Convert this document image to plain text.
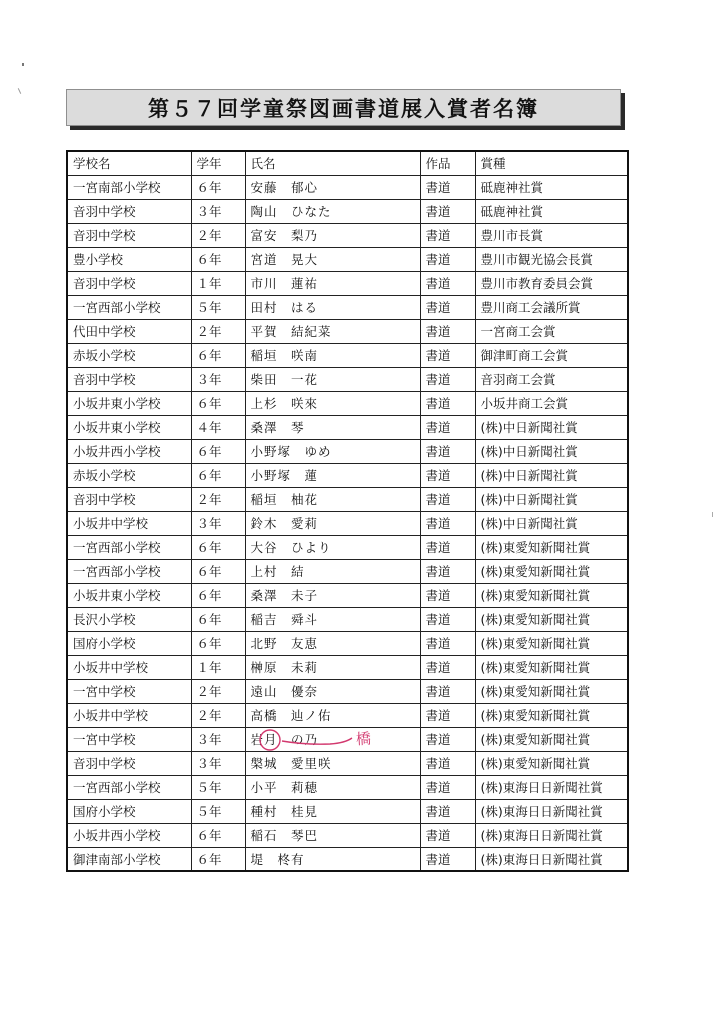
第５７回学童祭図画書道展入賞者名簿
学校名	学年	氏名	作品	賞種
一宮南部小学校	６年	安藤　郁心	書道	砥鹿神社賞
音羽中学校	３年	陶山　ひなた	書道	砥鹿神社賞
音羽中学校	２年	富安　梨乃	書道	豊川市長賞
豊小学校	６年	宮道　晃大	書道	豊川市観光協会長賞
音羽中学校	１年	市川　蓮祐	書道	豊川市教育委員会賞
一宮西部小学校	５年	田村　はる	書道	豊川商工会議所賞
代田中学校	２年	平賀　結紀菜	書道	一宮商工会賞
赤坂小学校	６年	稲垣　咲南	書道	御津町商工会賞
音羽中学校	３年	柴田　一花	書道	音羽商工会賞
小坂井東小学校	６年	上杉　咲來	書道	小坂井商工会賞
小坂井東小学校	４年	桑澤　琴	書道	(株)中日新聞社賞
小坂井西小学校	６年	小野塚　ゆめ	書道	(株)中日新聞社賞
赤坂小学校	６年	小野塚　蓮	書道	(株)中日新聞社賞
音羽中学校	２年	稲垣　柚花	書道	(株)中日新聞社賞
小坂井中学校	３年	鈴木　愛莉	書道	(株)中日新聞社賞
一宮西部小学校	６年	大谷　ひより	書道	(株)東愛知新聞社賞
一宮西部小学校	６年	上村　結	書道	(株)東愛知新聞社賞
小坂井東小学校	６年	桑澤　未子	書道	(株)東愛知新聞社賞
長沢小学校	６年	稲吉　舜斗	書道	(株)東愛知新聞社賞
国府小学校	６年	北野　友恵	書道	(株)東愛知新聞社賞
小坂井中学校	１年	榊原　未莉	書道	(株)東愛知新聞社賞
一宮中学校	２年	遠山　優奈	書道	(株)東愛知新聞社賞
小坂井中学校	２年	高橋　辿ノ佑	書道	(株)東愛知新聞社賞
一宮中学校	３年	岩月　の乃	書道	(株)東愛知新聞社賞
音羽中学校	３年	槃城　愛里咲	書道	(株)東愛知新聞社賞
一宮西部小学校	５年	小平　莉穂	書道	(株)東海日日新聞社賞
国府小学校	５年	種村　桂見	書道	(株)東海日日新聞社賞
小坂井西小学校	６年	稲石　琴巴	書道	(株)東海日日新聞社賞
御津南部小学校	６年	堤　柊有	書道	(株)東海日日新聞社賞
橋
